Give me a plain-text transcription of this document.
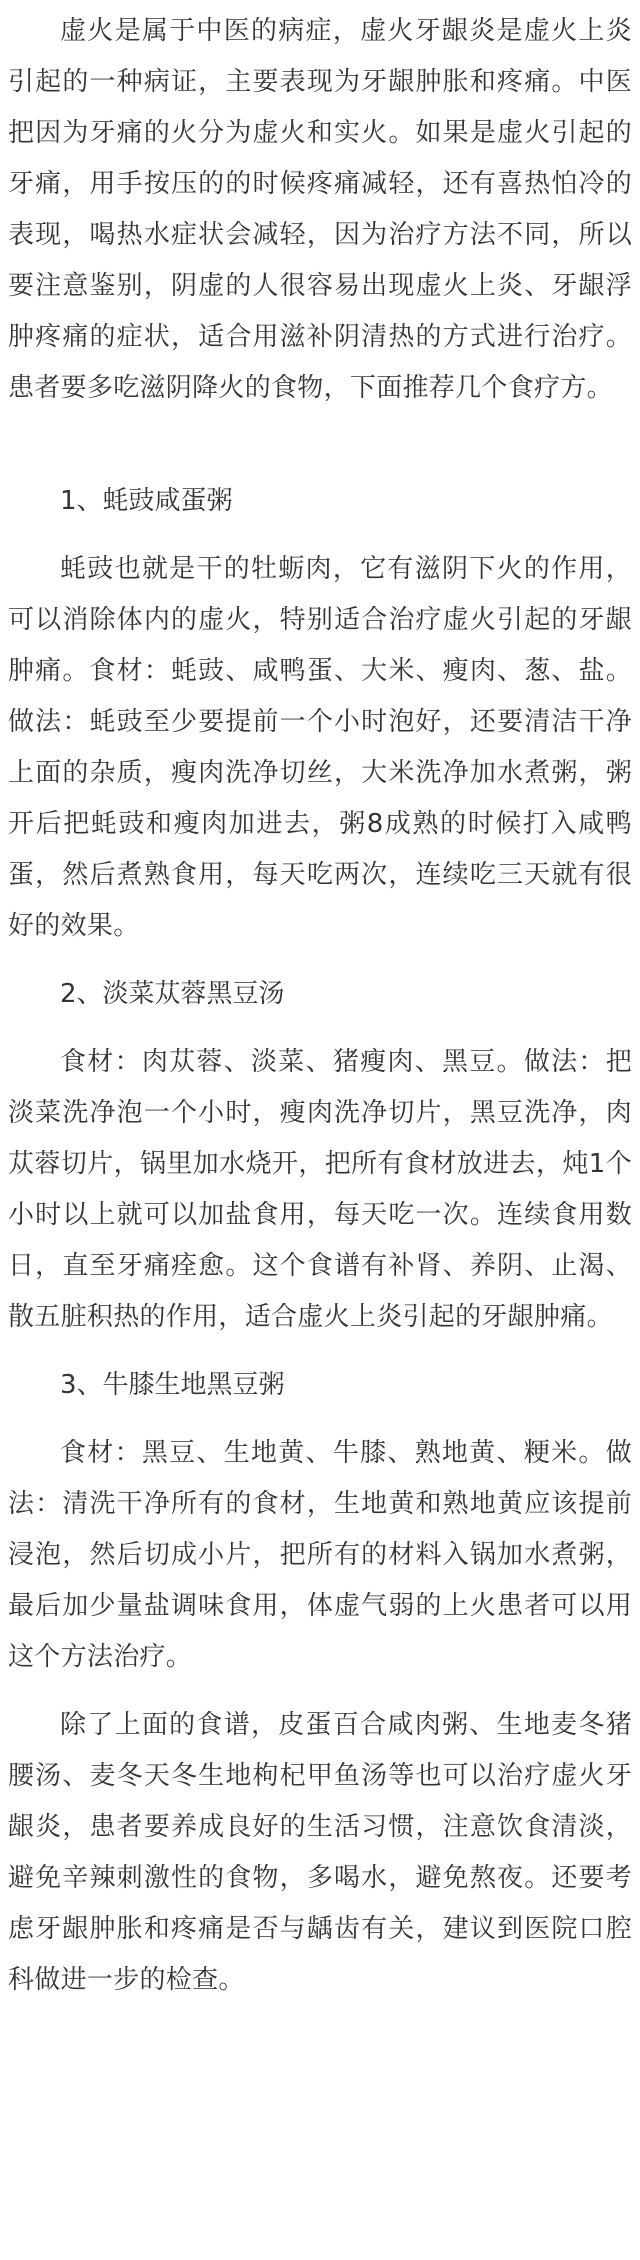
虚火是属于中医的病症，虚火牙龈炎是虚火上炎引起的一种病证，主要表现为牙龈肿胀和疼痛。中医把因为牙痛的火分为虚火和实火。如果是虚火引起的牙痛，用手按压的的时候疼痛减轻，还有喜热怕冷的表现，喝热水症状会减轻，因为治疗方法不同，所以要注意鉴别，阴虚的人很容易出现虚火上炎、牙龈浮肿疼痛的症状，适合用滋补阴清热的方式进行治疗。患者要多吃滋阴降火的食物，下面推荐几个食疗方。

1、蚝豉咸蛋粥

蚝豉也就是干的牡蛎肉，它有滋阴下火的作用，可以消除体内的虚火，特别适合治疗虚火引起的牙龈肿痛。食材：蚝豉、咸鸭蛋、大米、瘦肉、葱、盐。做法：蚝豉至少要提前一个小时泡好，还要清洁干净上面的杂质，瘦肉洗净切丝，大米洗净加水煮粥，粥开后把蚝豉和瘦肉加进去，粥8成熟的时候打入咸鸭蛋，然后煮熟食用，每天吃两次，连续吃三天就有很好的效果。

2、淡菜苁蓉黑豆汤

食材：肉苁蓉、淡菜、猪瘦肉、黑豆。做法：把淡菜洗净泡一个小时，瘦肉洗净切片，黑豆洗净，肉苁蓉切片，锅里加水烧开，把所有食材放进去，炖1个小时以上就可以加盐食用，每天吃一次。连续食用数日，直至牙痛痊愈。这个食谱有补肾、养阴、止渴、散五脏积热的作用，适合虚火上炎引起的牙龈肿痛。

3、牛膝生地黑豆粥

食材：黑豆、生地黄、牛膝、熟地黄、粳米。做法：清洗干净所有的食材，生地黄和熟地黄应该提前浸泡，然后切成小片，把所有的材料入锅加水煮粥，最后加少量盐调味食用，体虚气弱的上火患者可以用这个方法治疗。

除了上面的食谱，皮蛋百合咸肉粥、生地麦冬猪腰汤、麦冬天冬生地枸杞甲鱼汤等也可以治疗虚火牙龈炎，患者要养成良好的生活习惯，注意饮食清淡，避免辛辣刺激性的食物，多喝水，避免熬夜。还要考虑牙龈肿胀和疼痛是否与龋齿有关，建议到医院口腔科做进一步的检查。
